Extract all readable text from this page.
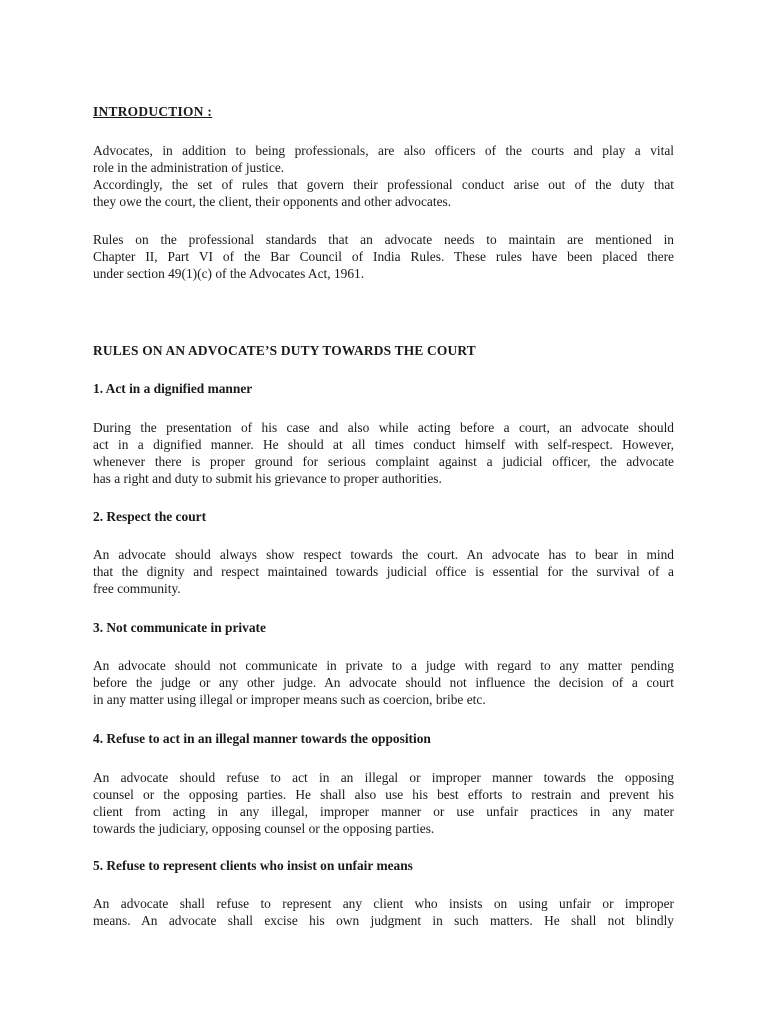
INTRODUCTION :

Advocates, in addition to being professionals, are also officers of the courts and play a vital
role in the administration of justice.
Accordingly, the set of rules that govern their professional conduct arise out of the duty that
they owe the court, the client, their opponents and other advocates.

Rules on the professional standards that an advocate needs to maintain are mentioned in
Chapter II, Part VI of the Bar Council of India Rules. These rules have been placed there
under section 49(1)(c) of the Advocates Act, 1961.

RULES ON AN ADVOCATE’S DUTY TOWARDS THE COURT

1. Act in a dignified manner

During the presentation of his case and also while acting before a court, an advocate should
act in a dignified manner. He should at all times conduct himself with self-respect. However,
whenever there is proper ground for serious complaint against a judicial officer, the advocate
has a right and duty to submit his grievance to proper authorities.

2. Respect the court

An advocate should always show respect towards the court. An advocate has to bear in mind
that the dignity and respect maintained towards judicial office is essential for the survival of a
free community.

3. Not communicate in private

An advocate should not communicate in private to a judge with regard to any matter pending
before the judge or any other judge. An advocate should not influence the decision of a court
in any matter using illegal or improper means such as coercion, bribe etc.

4. Refuse to act in an illegal manner towards the opposition

An advocate should refuse to act in an illegal or improper manner towards the opposing
counsel or the opposing parties. He shall also use his best efforts to restrain and prevent his
client from acting in any illegal, improper manner or use unfair practices in any mater
towards the judiciary, opposing counsel or the opposing parties.

5. Refuse to represent clients who insist on unfair means

An advocate shall refuse to represent any client who insists on using unfair or improper
means. An advocate shall excise his own judgment in such matters. He shall not blindly
